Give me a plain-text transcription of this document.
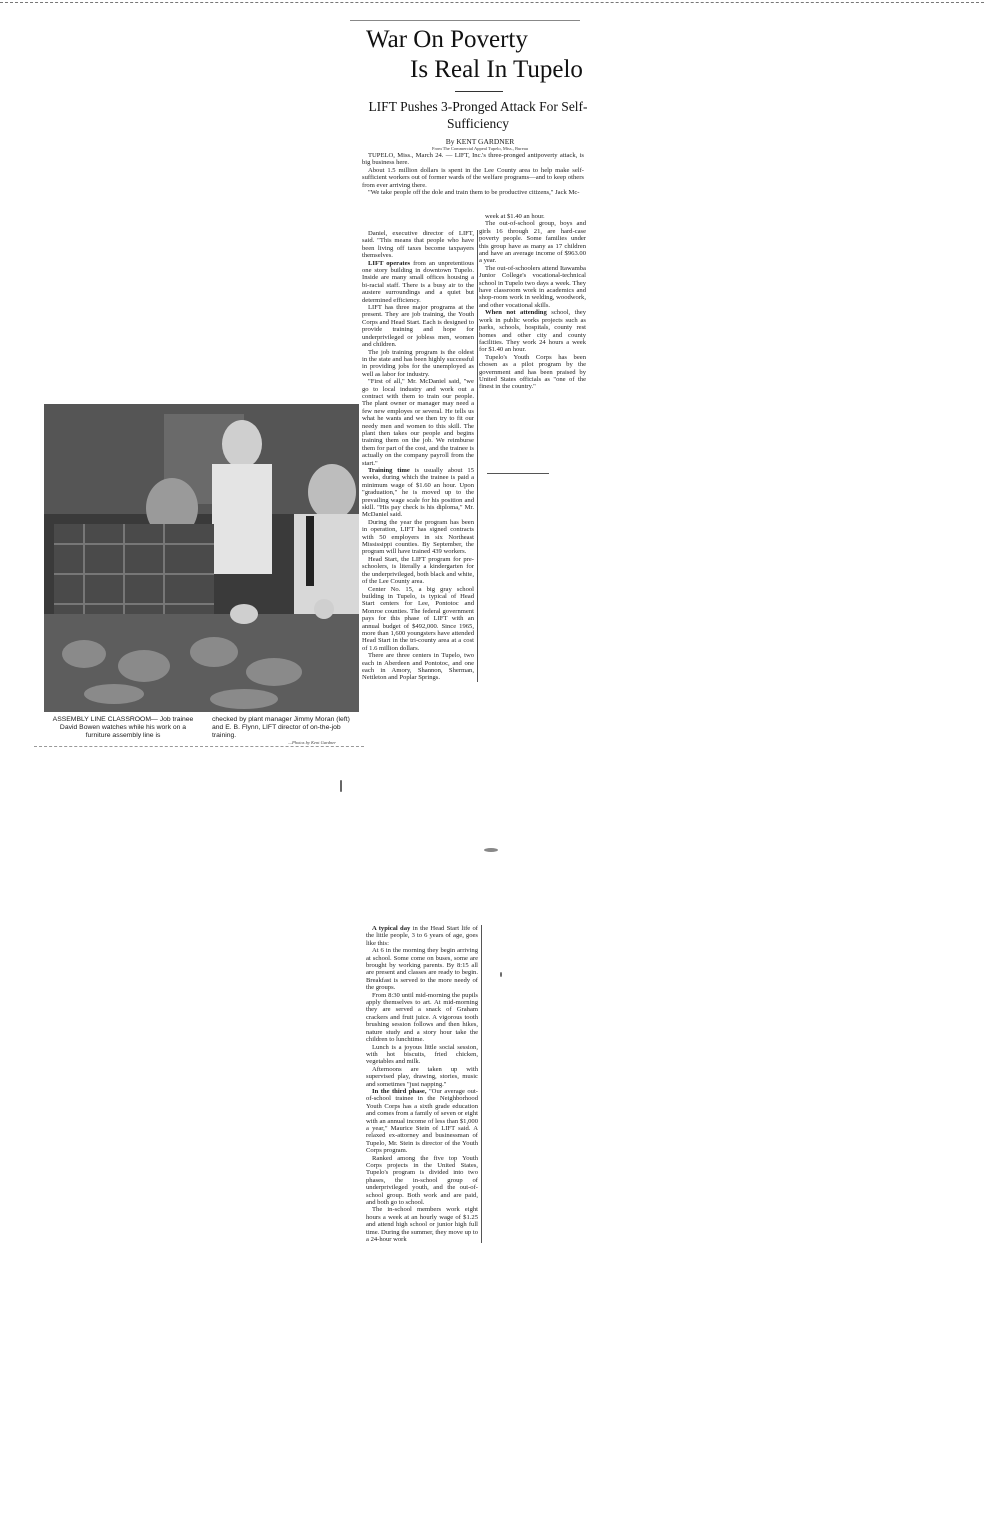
War On Poverty
Is Real In Tupelo
LIFT Pushes 3-Pronged Attack For Self-Sufficiency
By KENT GARDNER
From The Commercial Appeal Tupelo, Miss., Bureau

TUPELO, Miss., March 24. — LIFT, Inc.'s three-pronged antipoverty attack, is big business here.

About 1.5 million dollars is spent in the Lee County area to help make self-sufficient workers out of former wards of the welfare programs—and to keep others from ever arriving there.

"We take people off the dole and train them to be productive citizens," Jack Mc-

Daniel, executive director of LIFT, said. "This means that people who have been living off taxes become taxpayers themselves.

LIFT operates from an unpretentious one story building in downtown Tupelo. Inside are many small offices housing a bi-racial staff. There is a busy air to the austere surroundings and a quiet but determined efficiency.

LIFT has three major programs at the present. They are job training, the Youth Corps and Head Start. Each is designed to provide training and hope for underprivileged or jobless men, women and children.

The job training program is the oldest in the state and has been highly successful in providing jobs for the unemployed as well as labor for industry.

"First of all," Mr. McDaniel said, "we go to local industry and work out a contract with them to train our people. The plant owner or manager may need a few new employes or several. He tells us what he wants and we then try to fit our needy men and women to this skill. The plant then takes our people and begins training them on the job. We reimburse them for part of the cost, and the trainee is actually on the company payroll from the start."

Training time is usually about 15 weeks, during which the trainee is paid a minimum wage of $1.60 an hour. Upon "graduation," he is moved up to the prevailing wage scale for his position and skill. "His pay check is his diploma," Mr. McDaniel said.

During the year the program has been in operation, LIFT has signed contracts with 50 employers in six Northeast Mississippi counties. By September, the program will have trained 439 workers.

Head Start, the LIFT program for pre-schoolers, is literally a kindergarten for the underprivileged, both black and white, of the Lee County area.

Center No. 15, a big gray school building in Tupelo, is typical of Head Start centers for Lee, Pontotoc and Monroe counties. The federal government pays for this phase of LIFT with an annual budget of $492,000. Since 1965, more than 1,600 youngsters have attended Head Start in the tri-county area at a cost of 1.6 million dollars.

There are three centers in Tupelo, two each in Aberdeen and Pontotoc, and one each in Amory, Shannon, Sherman, Nettleton and Poplar Springs.

week at $1.40 an hour.

The out-of-school group, boys and girls 16 through 21, are hard-case poverty people. Some families under this group have as many as 17 children and have an average income of $963.00 a year.

The out-of-schoolers attend Itawamba Junior College's vocational-technical school in Tupelo two days a week. They have classroom work in academics and shop-room work in welding, woodwork, and other vocational skills.

When not attending school, they work in public works projects such as parks, schools, hospitals, county rest homes and other city and county facilities. They work 24 hours a week for $1.40 an hour.

Tupelo's Youth Corps has been chosen as a pilot program by the government and has been praised by United States officials as "one of the finest in the country."

A typical day in the Head Start life of the little people, 3 to 6 years of age, goes like this:

At 6 in the morning they begin arriving at school. Some come on buses, some are brought by working parents. By 8:15 all are present and classes are ready to begin. Breakfast is served to the more needy of the groups.

From 8:30 until mid-morning the pupils apply themselves to art. At mid-morning they are served a snack of Graham crackers and fruit juice. A vigorous tooth brushing session follows and then hikes, nature study and a story hour take the children to lunchtime.

Lunch is a joyous little social session, with hot biscuits, fried chicken, vegetables and milk.

Afternoons are taken up with supervised play, drawing, stories, music and sometimes "just napping."

In the third phase, "Our average out-of-school trainee in the Neighborhood Youth Corps has a sixth grade education and comes from a family of seven or eight with an annual income of less than $1,000 a year," Maurice Stein of LIFT said. A relaxed ex-attorney and businessman of Tupelo, Mr. Stein is director of the Youth Corps program.

Ranked among the five top Youth Corps projects in the United States, Tupelo's program is divided into two phases, the in-school group of underprivileged youth, and the out-of-school group. Both work and are paid, and both go to school.

The in-school members work eight hours a week at an hourly wage of $1.25 and attend high school or junior high full time. During the summer, they move up to a 24-hour work

ASSEMBLY LINE CLASSROOM— Job trainee David Bowen watches while his work on a furniture assembly line is
checked by plant manager Jimmy Moran (left) and E. B. Flynn, LIFT director of on-the-job training.
—Photos by Kent Gardner
